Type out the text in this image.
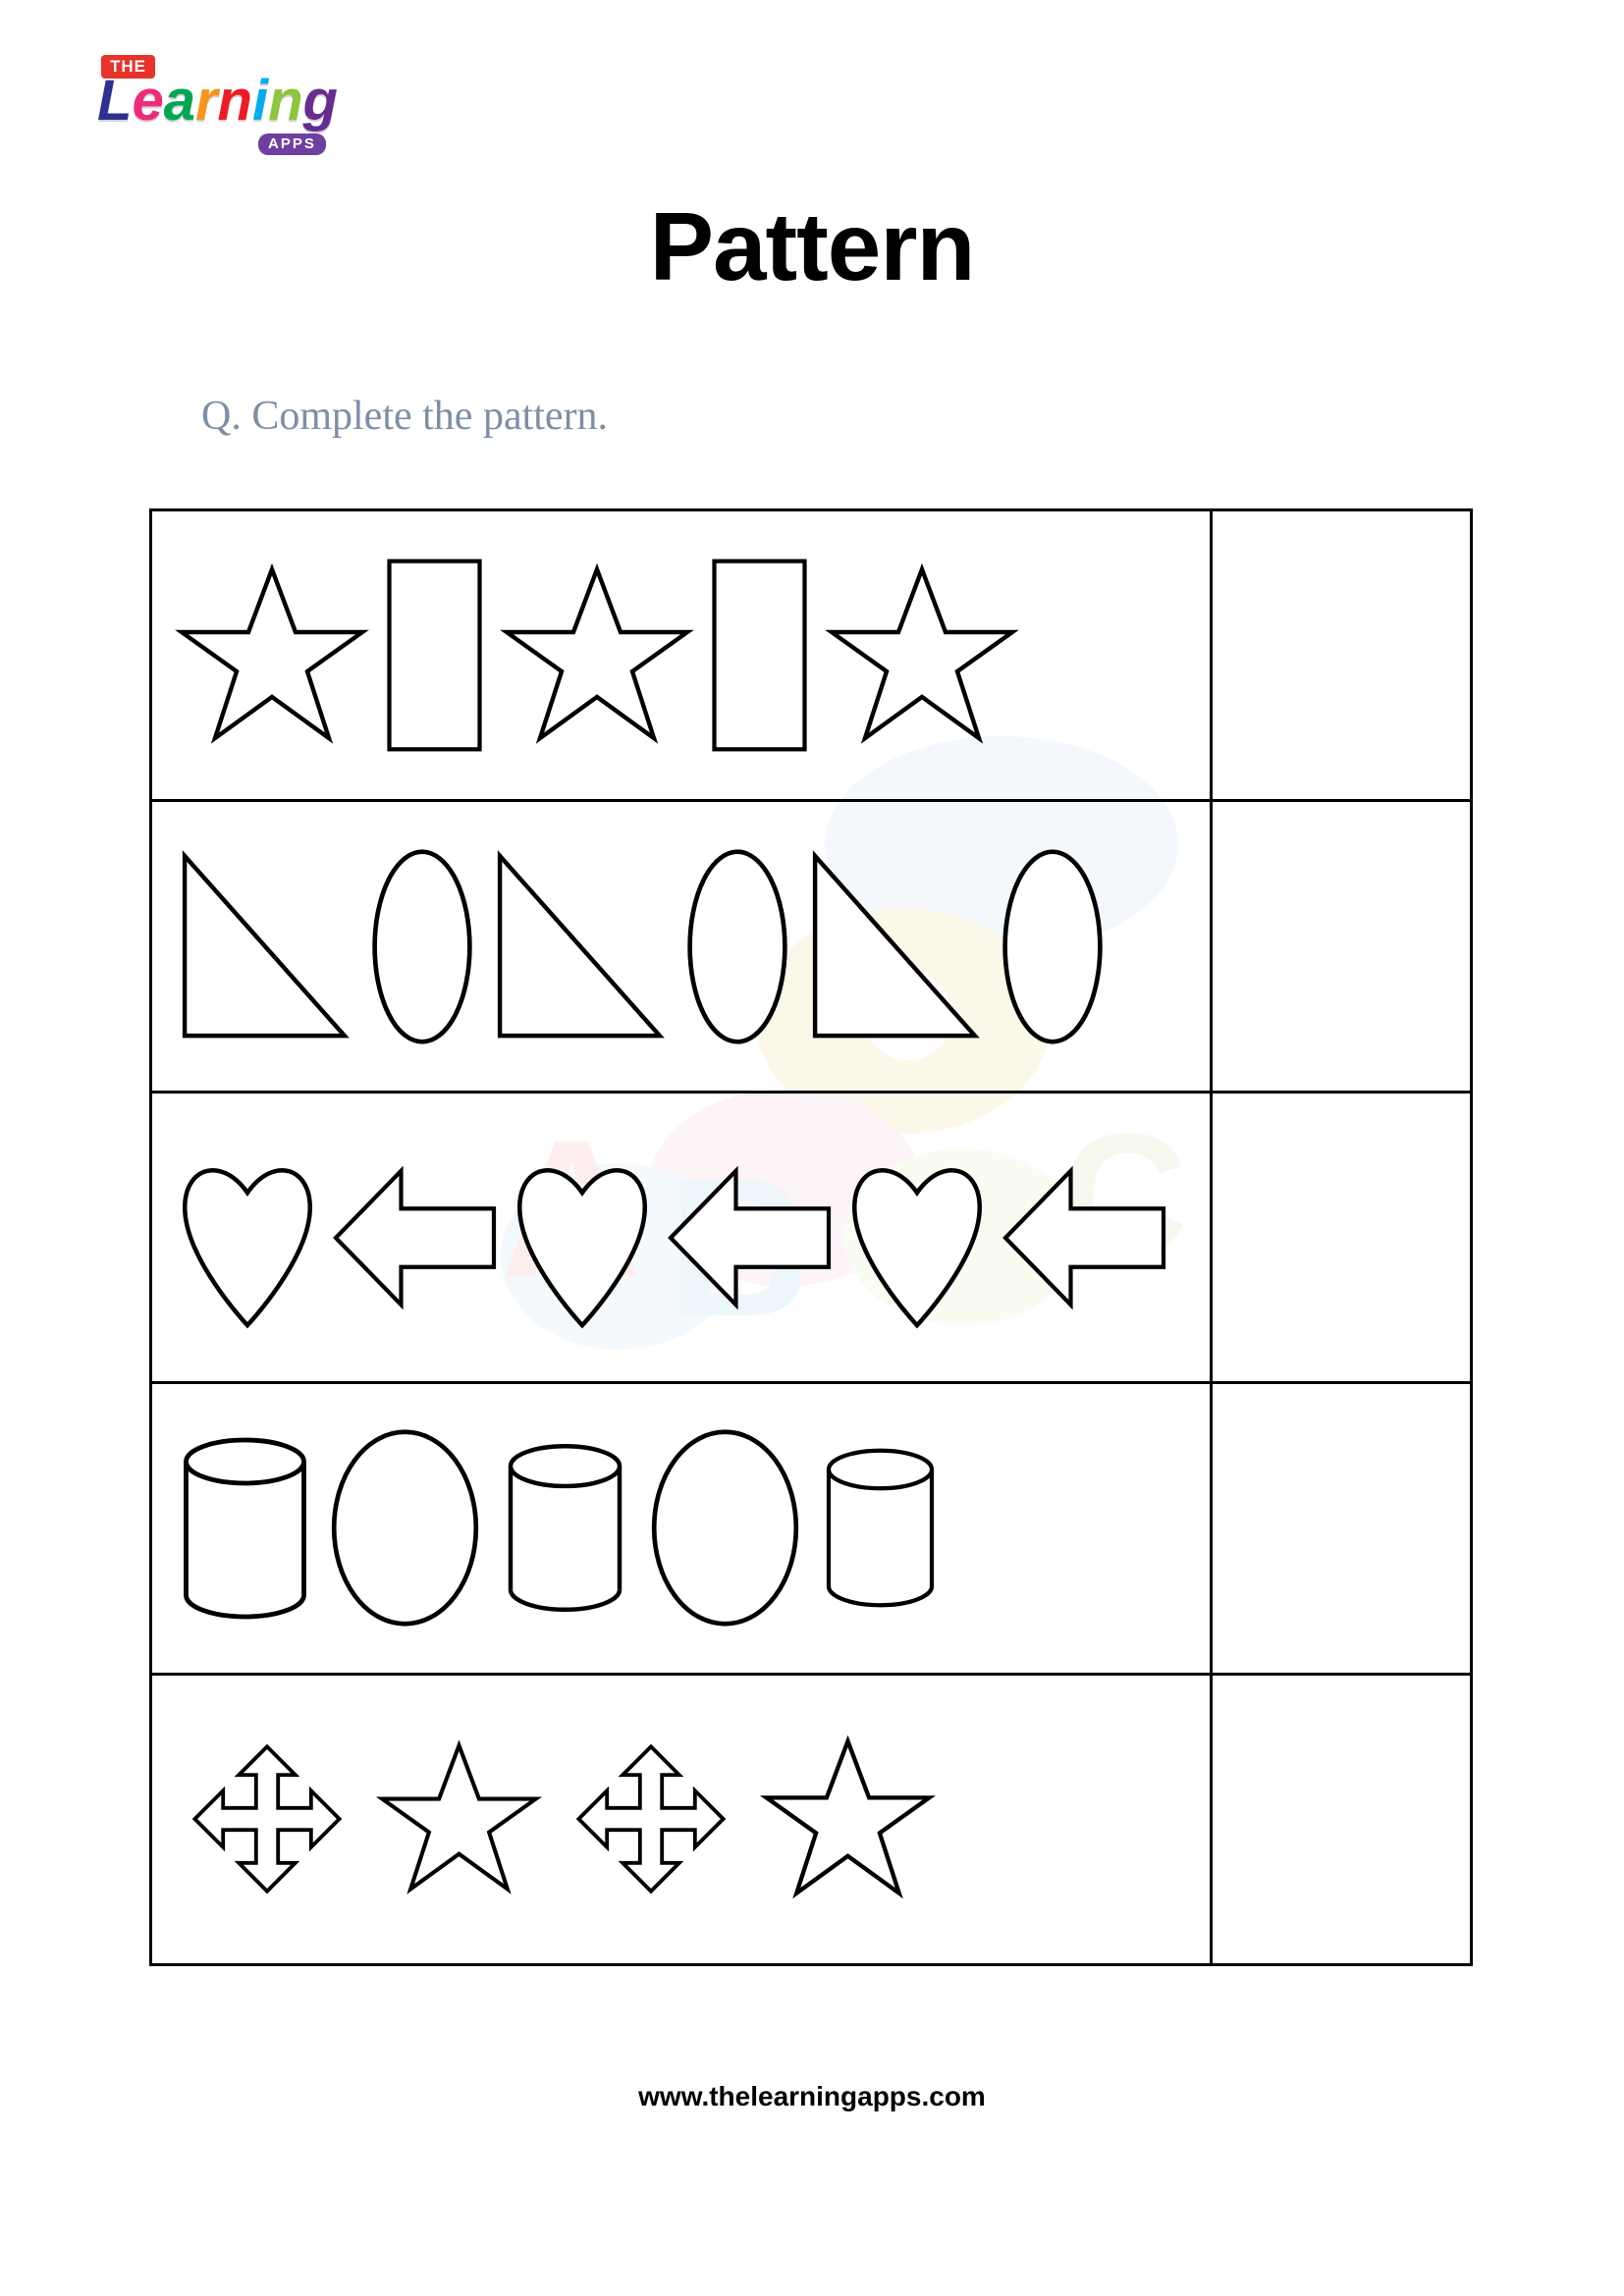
THE
Learning
APPS
Pattern
Q. Complete the pattern.
C
www.thelearningapps.com
